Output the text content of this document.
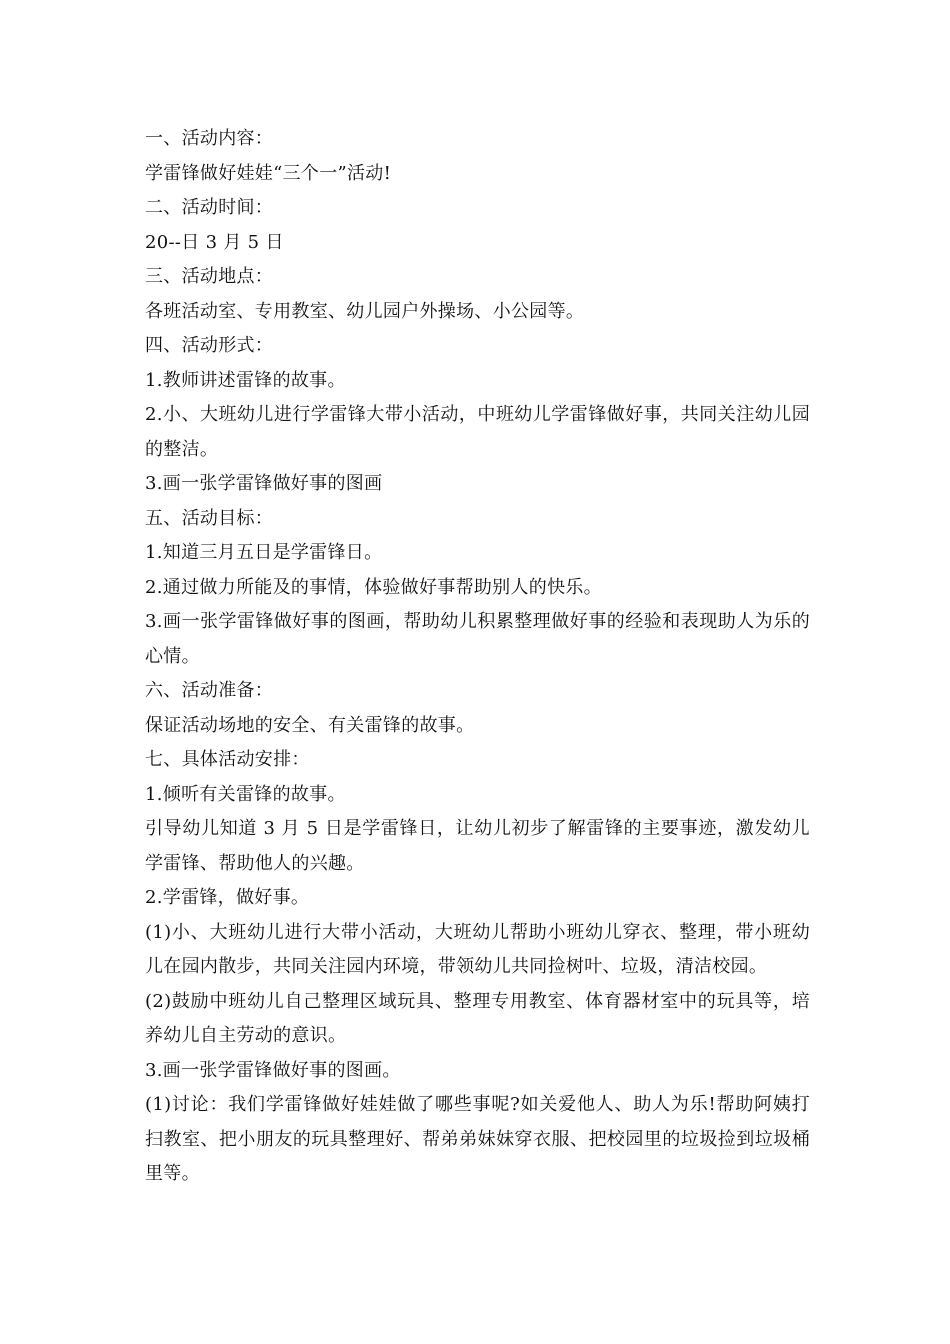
一、活动内容：

学雷锋做好娃娃“三个一”活动!

二、活动时间：

20--日 3 月 5 日

三、活动地点：

各班活动室、专用教室、幼儿园户外操场、小公园等。

四、活动形式：

1.教师讲述雷锋的故事。

2.小、大班幼儿进行学雷锋大带小活动，中班幼儿学雷锋做好事，共同关注幼儿园的整洁。

3.画一张学雷锋做好事的图画

五、活动目标：

1.知道三月五日是学雷锋日。

2.通过做力所能及的事情，体验做好事帮助别人的快乐。

3.画一张学雷锋做好事的图画，帮助幼儿积累整理做好事的经验和表现助人为乐的心情。

六、活动准备：

保证活动场地的安全、有关雷锋的故事。

七、具体活动安排：

1.倾听有关雷锋的故事。

引导幼儿知道 3 月 5 日是学雷锋日，让幼儿初步了解雷锋的主要事迹，激发幼儿学雷锋、帮助他人的兴趣。

2.学雷锋，做好事。

(1)小、大班幼儿进行大带小活动，大班幼儿帮助小班幼儿穿衣、整理，带小班幼儿在园内散步，共同关注园内环境，带领幼儿共同捡树叶、垃圾，清洁校园。

(2)鼓励中班幼儿自己整理区域玩具、整理专用教室、体育器材室中的玩具等，培养幼儿自主劳动的意识。

3.画一张学雷锋做好事的图画。

(1)讨论：我们学雷锋做好娃娃做了哪些事呢?如关爱他人、助人为乐!帮助阿姨打扫教室、把小朋友的玩具整理好、帮弟弟妹妹穿衣服、把校园里的垃圾捡到垃圾桶里等。
